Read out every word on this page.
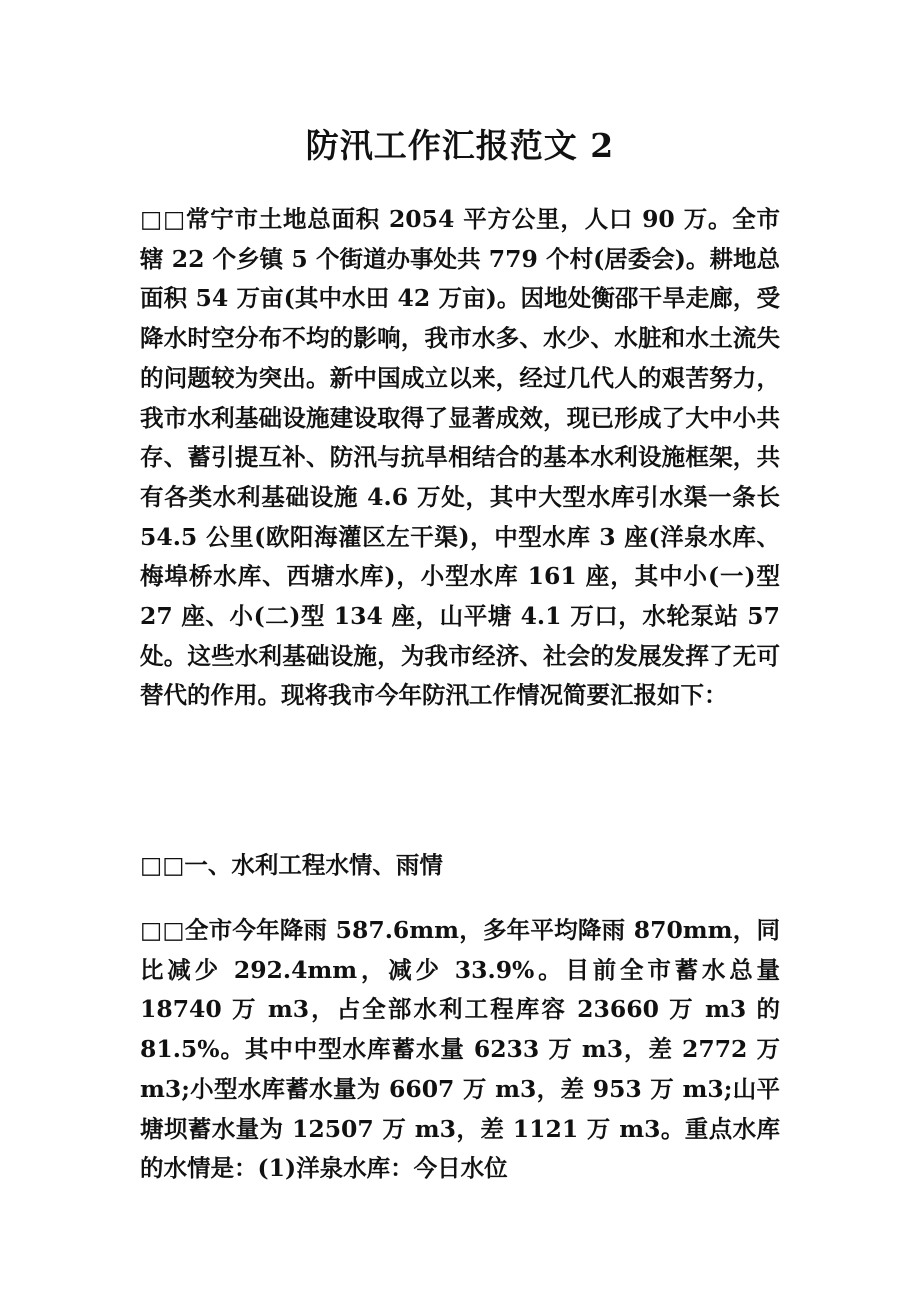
防汛工作汇报范文 2

□□常宁市土地总面积 2054 平方公里，人口 90 万。全市辖 22 个乡镇 5 个街道办事处共 779 个村(居委会)。耕地总面积 54 万亩(其中水田 42 万亩)。因地处衡邵干旱走廊，受降水时空分布不均的影响，我市水多、水少、水脏和水土流失的问题较为突出。新中国成立以来，经过几代人的艰苦努力，我市水利基础设施建设取得了显著成效，现已形成了大中小共存、蓄引提互补、防汛与抗旱相结合的基本水利设施框架，共有各类水利基础设施 4.6 万处，其中大型水库引水渠一条长 54.5 公里(欧阳海灌区左干渠)，中型水库 3 座(洋泉水库、梅埠桥水库、西塘水库)，小型水库 161 座，其中小(一)型 27 座、小(二)型 134 座，山平塘 4.1 万口，水轮泵站 57 处。这些水利基础设施，为我市经济、社会的发展发挥了无可替代的作用。现将我市今年防汛工作情况简要汇报如下：

□□一、水利工程水情、雨情

□□全市今年降雨 587.6mm，多年平均降雨 870mm，同比减少 292.4mm，减少 33.9%。目前全市蓄水总量 18740 万 m3，占全部水利工程库容 23660 万 m3 的 81.5%。其中中型水库蓄水量 6233 万 m3，差 2772 万 m3;小型水库蓄水量为 6607 万 m3，差 953 万 m3;山平塘坝蓄水量为 12507 万 m3，差 1121 万 m3。重点水库的水情是：(1)洋泉水库：今日水位
